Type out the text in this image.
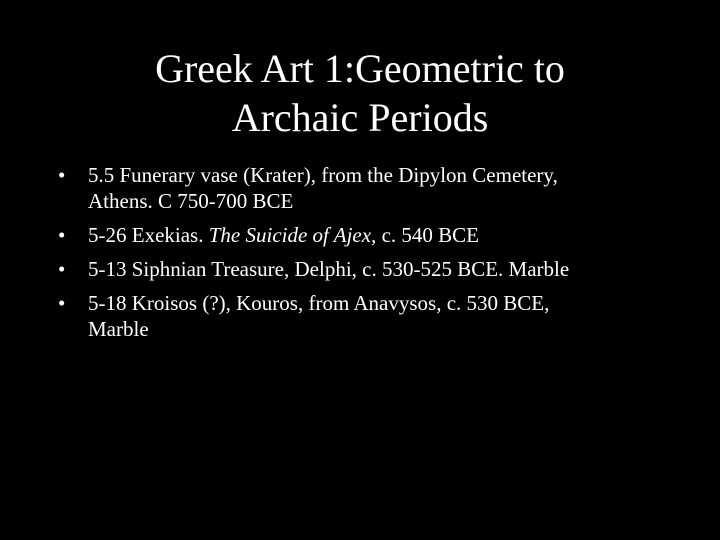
Greek Art 1:Geometric to
Archaic Periods
•	5.5 Funerary vase (Krater), from the Dipylon Cemetery,
Athens. C 750-700 BCE
•	5-26 Exekias. The Suicide of Ajex, c. 540 BCE
•	5-13 Siphnian Treasure, Delphi, c. 530-525 BCE. Marble
•	5-18 Kroisos (?), Kouros, from Anavysos, c. 530 BCE,
Marble
